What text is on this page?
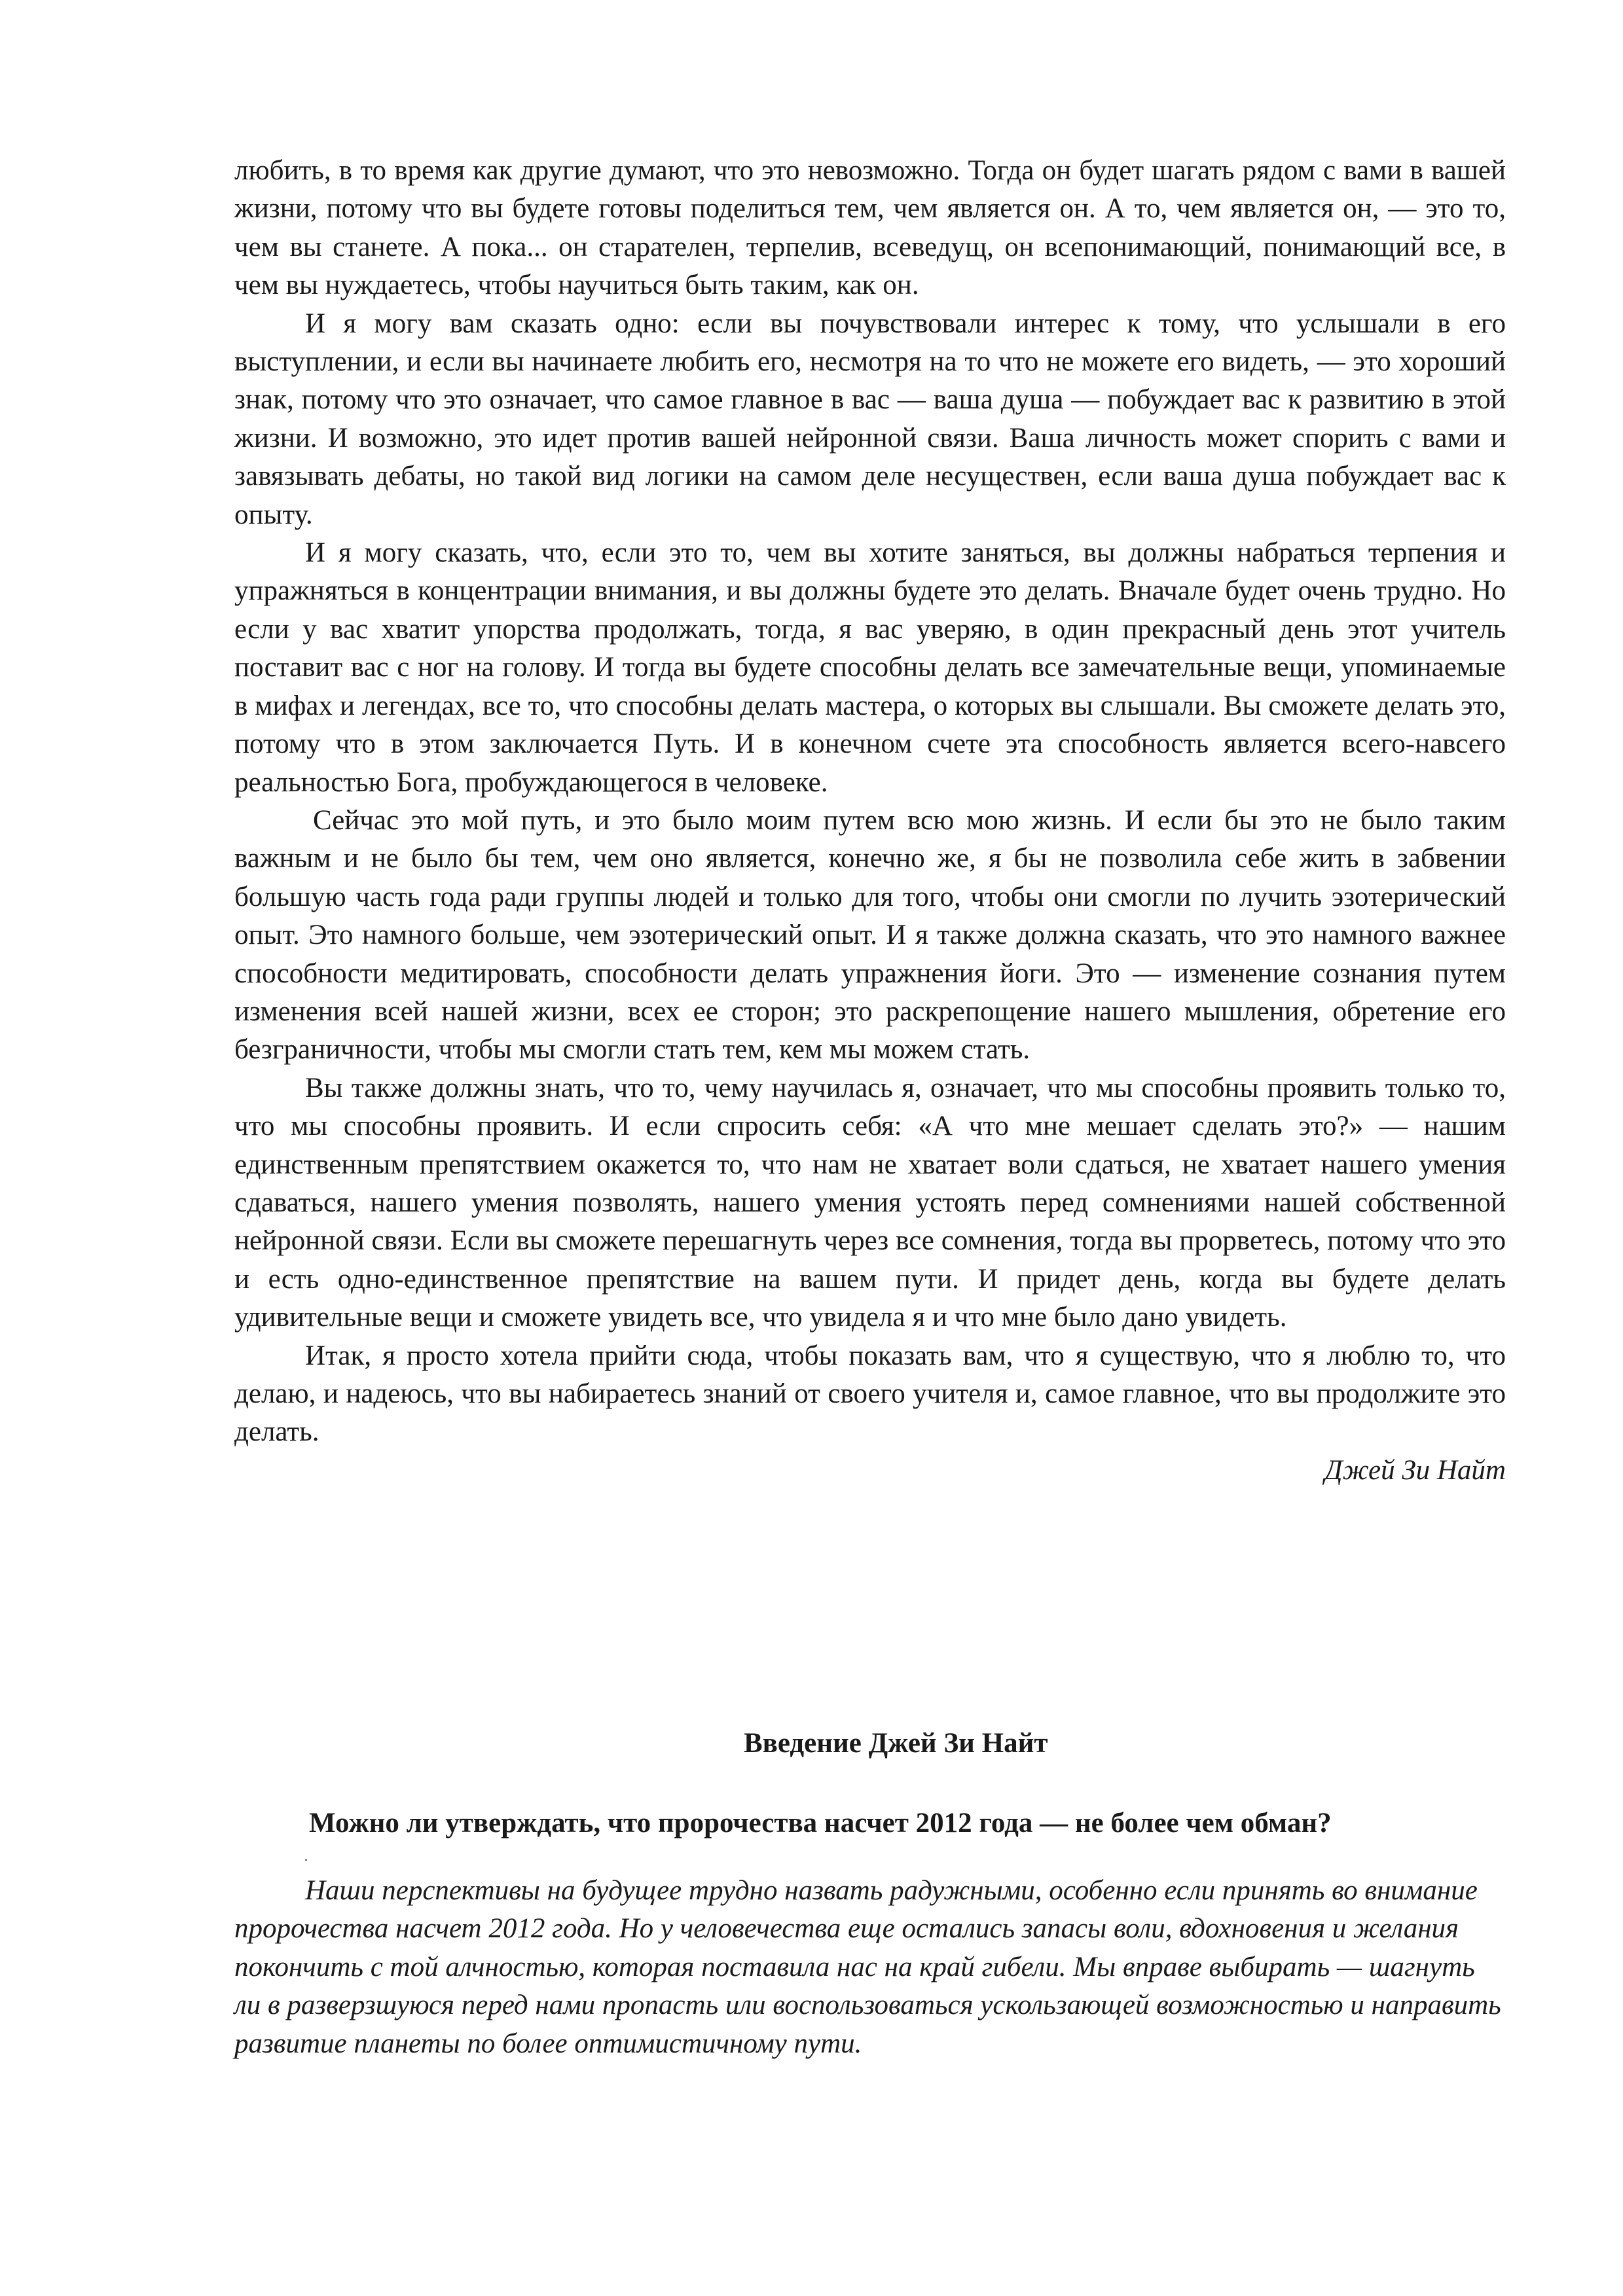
любить, в то время как другие думают, что это невозможно. Тогда он будет шагать рядом с вами в вашей жизни, потому что вы будете готовы поделиться тем, чем является он. А то, чем является он, — это то, чем вы станете. А пока... он старателен, терпелив, всеведущ, он всепонимающий, понимающий все, в чем вы нуждаетесь, чтобы научиться быть таким, как он.

И я могу вам сказать одно: если вы почувствовали интерес к тому, что услышали в его выступлении, и если вы начинаете любить его, несмотря на то что не можете его видеть, — это хороший знак, потому что это означает, что самое главное в вас — ваша душа — побуждает вас к развитию в этой жизни. И возможно, это идет против вашей нейронной связи. Ваша личность может спорить с вами и завязывать дебаты, но такой вид логики на самом деле несуществен, если ваша душа побуждает вас к опыту.

И я могу сказать, что, если это то, чем вы хотите заняться, вы должны набраться терпения и упражняться в концентрации внимания, и вы должны будете это делать. Вначале будет очень трудно. Но если у вас хватит упорства продолжать, тогда, я вас уверяю, в один прекрасный день этот учитель поставит вас с ног на голову. И тогда вы будете способны делать все замечательные вещи, упоминаемые в мифах и легендах, все то, что способны делать мастера, о которых вы слышали. Вы сможете делать это, потому что в этом заключается Путь. И в конечном счете эта способность является всего-навсего реальностью Бога, пробуждающегося в человеке.

Сейчас это мой путь, и это было моим путем всю мою жизнь. И если бы это не было таким важным и не было бы тем, чем оно является, конечно же, я бы не позволила себе жить в забвении большую часть года ради группы людей и только для того, чтобы они смогли по лучить эзотерический опыт. Это намного больше, чем эзотерический опыт. И я также должна сказать, что это намного важнее способности медитировать, способности делать упражнения йоги. Это — изменение сознания путем изменения всей нашей жизни, всех ее сторон; это раскрепощение нашего мышления, обретение его безграничности, чтобы мы смогли стать тем, кем мы можем стать.

Вы также должны знать, что то, чему научилась я, означает, что мы способны проявить только то, что мы способны проявить. И если спросить себя: «А что мне мешает сделать это?» — нашим единственным препятствием окажется то, что нам не хватает воли сдаться, не хватает нашего умения сдаваться, нашего умения позволять, нашего умения устоять перед сомнениями нашей собственной нейронной связи. Если вы сможете перешагнуть через все сомнения, тогда вы прорветесь, потому что это и есть одно-единственное препятствие на вашем пути. И придет день, когда вы будете делать удивительные вещи и сможете увидеть все, что увидела я и что мне было дано увидеть.

Итак, я просто хотела прийти сюда, чтобы показать вам, что я существую, что я люблю то, что делаю, и надеюсь, что вы набираетесь знаний от своего учителя и, самое главное, что вы продолжите это делать.

Джей Зи Найт

Введение Джей Зи Найт
Можно ли утверждать, что пророчества насчет 2012 года — не более чем обман?
Наши перспективы на будущее трудно назвать радужными, особенно если принять во внимание пророчества насчет 2012 года. Но у человечества еще остались запасы воли, вдохновения и желания покончить с той алчностью, которая поставила нас на край гибели. Мы вправе выбирать — шагнуть ли в разверзшуюся перед нами пропасть или воспользоваться ускользающей возможностью и направить развитие планеты по более оптимистичному пути.
